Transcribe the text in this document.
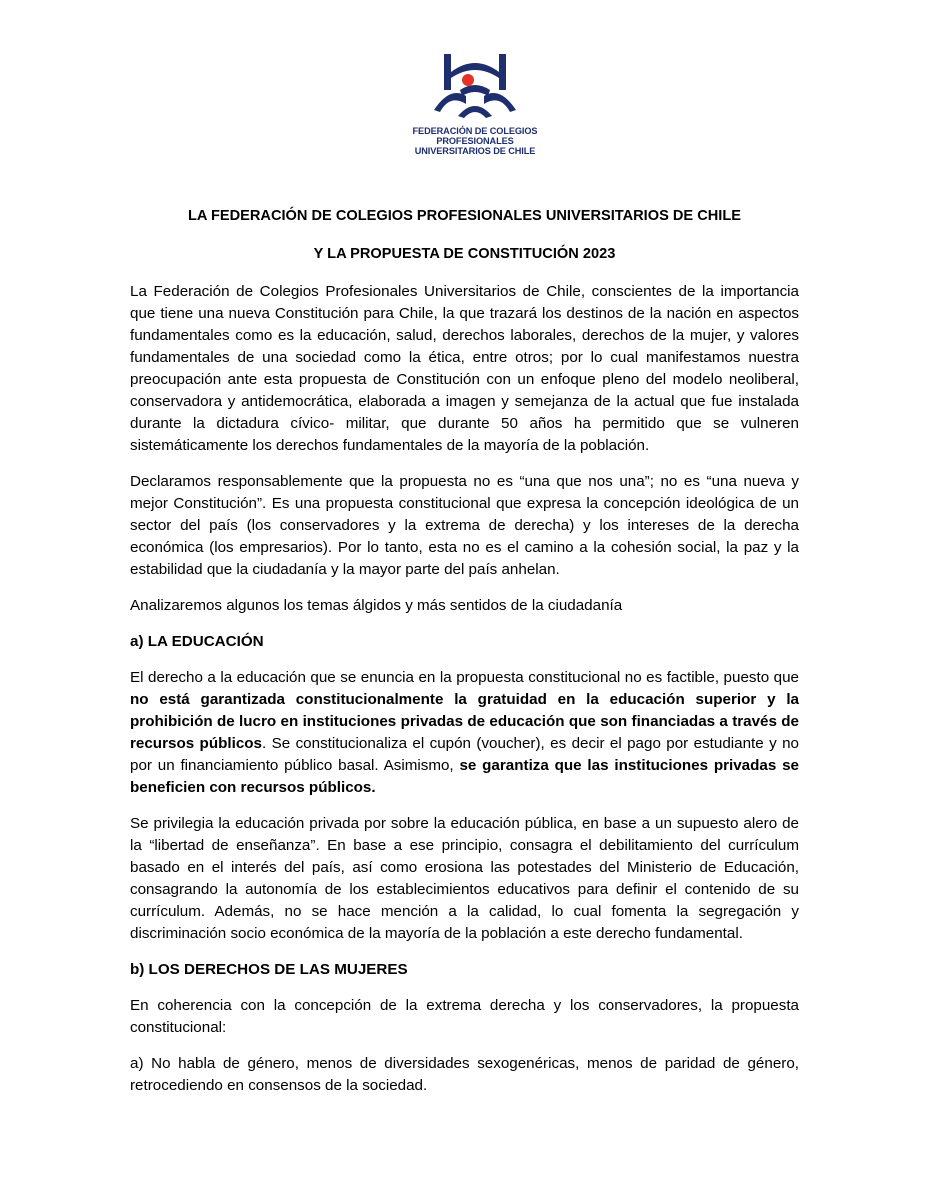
FEDERACIÓN DE COLEGIOS PROFESIONALES
UNIVERSITARIOS DE CHILE
LA FEDERACIÓN DE COLEGIOS PROFESIONALES UNIVERSITARIOS DE CHILE
Y LA PROPUESTA DE CONSTITUCIÓN 2023

La Federación de Colegios Profesionales Universitarios de Chile, conscientes de la importancia que tiene una nueva Constitución para Chile, la que trazará los destinos de la nación en aspectos fundamentales como es la educación, salud, derechos laborales, derechos de la mujer, y valores fundamentales de una sociedad como la ética, entre otros; por lo cual manifestamos nuestra preocupación ante esta propuesta de Constitución con un enfoque pleno del modelo neoliberal, conservadora y antidemocrática, elaborada a imagen y semejanza de la actual que fue instalada durante la dictadura cívico- militar, que durante 50 años ha permitido que se vulneren sistemáticamente los derechos fundamentales de la mayoría de la población.

Declaramos responsablemente que la propuesta no es “una que nos una”; no es “una nueva y mejor Constitución”. Es una propuesta constitucional que expresa la concepción ideológica de un sector del país (los conservadores y la extrema de derecha) y los intereses de la derecha económica (los empresarios). Por lo tanto, esta no es el camino a la cohesión social, la paz y la estabilidad que la ciudadanía y la mayor parte del país anhelan.

Analizaremos algunos los temas álgidos y más sentidos de la ciudadanía

a) LA EDUCACIÓN

El derecho a la educación que se enuncia en la propuesta constitucional no es factible, puesto que no está garantizada constitucionalmente la gratuidad en la educación superior y la prohibición de lucro en instituciones privadas de educación que son financiadas a través de recursos públicos. Se constitucionaliza el cupón (voucher), es decir el pago por estudiante y no por un financiamiento público basal. Asimismo, se garantiza que las instituciones privadas se beneficien con recursos públicos.

Se privilegia la educación privada por sobre la educación pública, en base a un supuesto alero de la “libertad de enseñanza”. En base a ese principio, consagra el debilitamiento del currículum basado en el interés del país, así como erosiona las potestades del Ministerio de Educación, consagrando la autonomía de los establecimientos educativos para definir el contenido de su currículum. Además, no se hace mención a la calidad, lo cual fomenta la segregación y discriminación socio económica de la mayoría de la población a este derecho fundamental.

b) LOS DERECHOS DE LAS MUJERES

En coherencia con la concepción de la extrema derecha y los conservadores, la propuesta constitucional:

a) No habla de género, menos de diversidades sexogenéricas, menos de paridad de género, retrocediendo en consensos de la sociedad.
